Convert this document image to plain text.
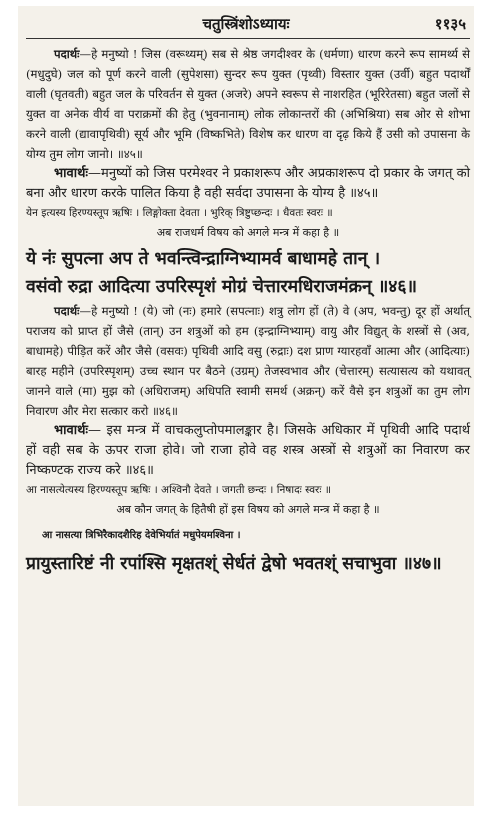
चतुस्त्रिंशोऽध्यायः	११३५

पदार्थः—हे मनुष्यो ! जिस (वरूथ्यम्) सब से श्रेष्ठ जगदीश्वर के (धर्मणा) धारण करने रूप सामर्थ्य से (मधुदुघे) जल को पूर्ण करने वाली (सुपेशसा) सुन्दर रूप युक्त (पृथ्वी) विस्तार युक्त (उर्वी) बहुत पदार्थों वाली (घृतवती) बहुत जल के परिवर्तन से युक्त (अजरे) अपने स्वरूप से नाशरहित (भूरिरेतसा) बहुत जलों से युक्त वा अनेक वीर्य वा पराक्रमों की हेतु (भुवनानाम्) लोक लोकान्तरों की (अभिश्रिया) सब ओर से शोभा करने वाली (द्यावापृथिवी) सूर्य और भूमि (विष्कभिते) विशेष कर धारण वा दृढ़ किये हैं उसी को उपासना के योग्य तुम लोग जानो। ॥४५॥

भावार्थः—मनुष्यों को जिस परमेश्वर ने प्रकाशरूप और अप्रकाशरूप दो प्रकार के जगत् को बना और धारण करके पालित किया है वही सर्वदा उपासना के योग्य है ॥४५॥

येन इत्यस्य हिरण्यस्तूप ऋषिः । लिङ्गोक्ता देवता । भुरिक् त्रिष्टुप्छन्दः । धैवतः स्वरः ॥
अब राजधर्म विषय को अगले मन्त्र में कहा है ॥
ये नंः सुपत्ना अप ते भवन्त्विन्द्राग्निभ्यामर्व बाधामहे तान् ।
वसंवो रुद्रा आदित्या उपरिस्पृशं मोग्रं चेत्तारमधिराजमंक्रन् ॥४६॥

पदार्थः—हे मनुष्यो ! (ये) जो (नः) हमारे (सपत्नाः) शत्रु लोग हों (ते) वे (अप, भवन्तु) दूर हों अर्थात् पराजय को प्राप्त हों जैसे (तान्) उन शत्रुओं को हम (इन्द्राग्निभ्याम्) वायु और विद्युत् के शस्त्रों से (अव, बाधामहे) पीड़ित करें और जैसे (वसवः) पृथिवी आदि वसु (रुद्राः) दश प्राण ग्यारहवाँ आत्मा और (आदित्याः) बारह महीने (उपरिस्पृशम्) उच्च स्थान पर बैठने (उग्रम्) तेजस्वभाव और (चेत्तारम्) सत्यासत्य को यथावत् जानने वाले (मा) मुझ को (अधिराजम्) अधिपति स्वामी समर्थ (अक्रन्) करें वैसे इन शत्रुओं का तुम लोग निवारण और मेरा सत्कार करो ॥४६॥

भावार्थः— इस मन्त्र में वाचकलुप्तोपमालङ्कार है। जिसके अधिकार में पृथिवी आदि पदार्थ हों वही सब के ऊपर राजा होवे। जो राजा होवे वह शस्त्र अस्त्रों से शत्रुओं का निवारण कर निष्कण्टक राज्य करे ॥४६॥

आ नासत्येत्यस्य हिरण्यस्तूप ऋषिः । अश्विनौ देवते । जगती छन्दः । निषादः स्वरः ॥
अब कौन जगत् के हितैषी हों इस विषय को अगले मन्त्र में कहा है ॥
आ नासत्या त्रिभिरैकादशैरिह देवेभिर्यातं मधुपेयमश्विना ।
प्रायुस्तारिष्टं नी रपांश्सि मृक्षतश्ं सेर्धतं द्वेषो भवतश्ं सचाभुवा ॥४७॥
